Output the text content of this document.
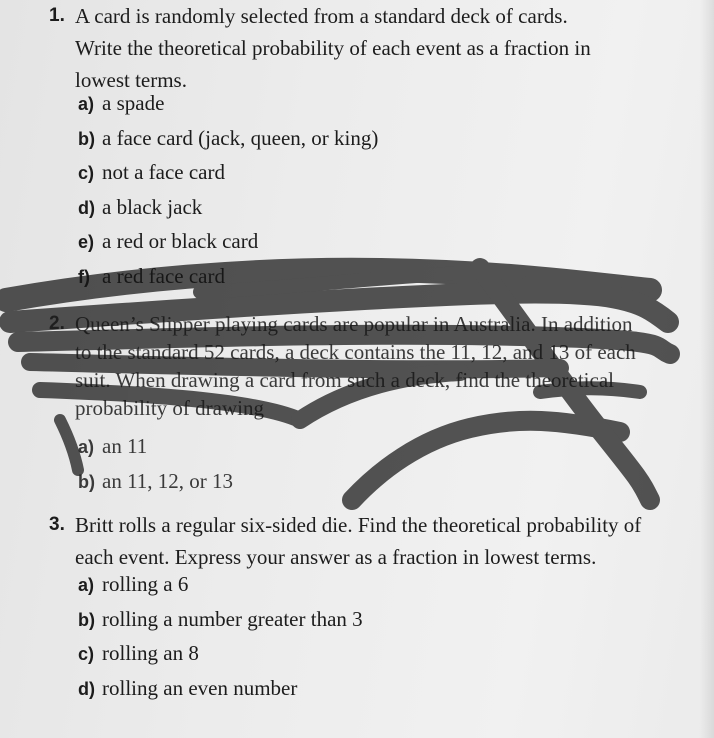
1. A card is randomly selected from a standard deck of cards.
Write the theoretical probability of each event as a fraction in
lowest terms.
a) a spade
b) a face card (jack, queen, or king)
c) not a face card
d) a black jack
e) a red or black card
f) a red face card
2. Queen’s Slipper playing cards are popular in Australia. In addition
to the standard 52 cards, a deck contains the 11, 12, and 13 of each
suit. When drawing a card from such a deck, find the theoretical
probability of drawing
a) an 11
b) an 11, 12, or 13
3. Britt rolls a regular six-sided die. Find the theoretical probability of
each event. Express your answer as a fraction in lowest terms.
a) rolling a 6
b) rolling a number greater than 3
c) rolling an 8
d) rolling an even number
